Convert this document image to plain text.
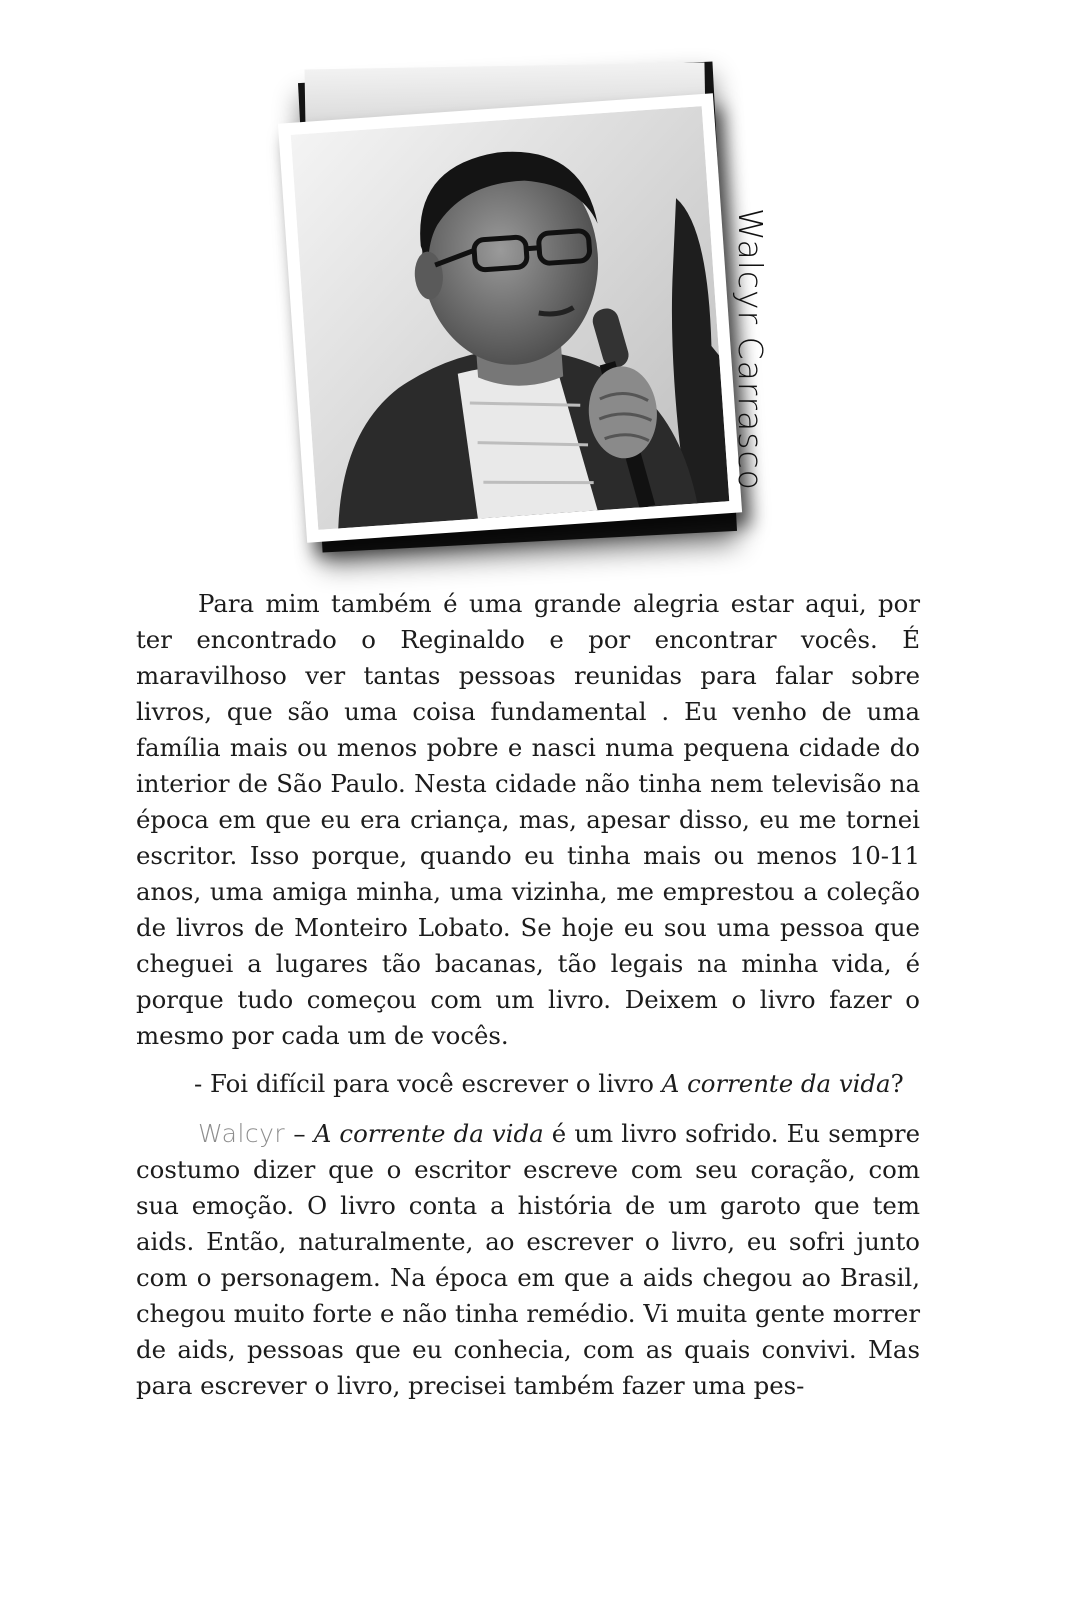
Walcyr Carrasco

Para mim também é uma grande alegria estar aqui, por ter encontrado o Reginaldo e por encontrar vocês. É maravilhoso ver tantas pessoas reunidas para falar sobre livros, que são uma coisa fundamental . Eu venho de uma família mais ou menos pobre e nasci numa pequena cidade do interior de São Paulo. Nesta cidade não tinha nem televisão na época em que eu era criança, mas, apesar disso, eu me tornei escritor. Isso porque, quando eu tinha mais ou menos 10-11 anos, uma amiga minha, uma vizinha, me emprestou a coleção de livros de Monteiro Lobato. Se hoje eu sou uma pessoa que cheguei a lugares tão bacanas, tão legais na minha vida, é porque tudo começou com um livro. Deixem o livro fazer o mesmo por cada um de vocês.

- Foi difícil para você escrever o livro A corrente da vida?

Walcyr – A corrente da vida é um livro sofrido. Eu sempre costumo dizer que o escritor escreve com seu coração, com sua emoção. O livro conta a história de um garoto que tem aids. Então, naturalmente, ao escrever o livro, eu sofri junto com o personagem. Na época em que a aids chegou ao Brasil, chegou muito forte e não tinha remédio. Vi muita gente morrer de aids, pessoas que eu conhecia, com as quais convivi. Mas para escrever o livro, precisei também fazer uma pes-
